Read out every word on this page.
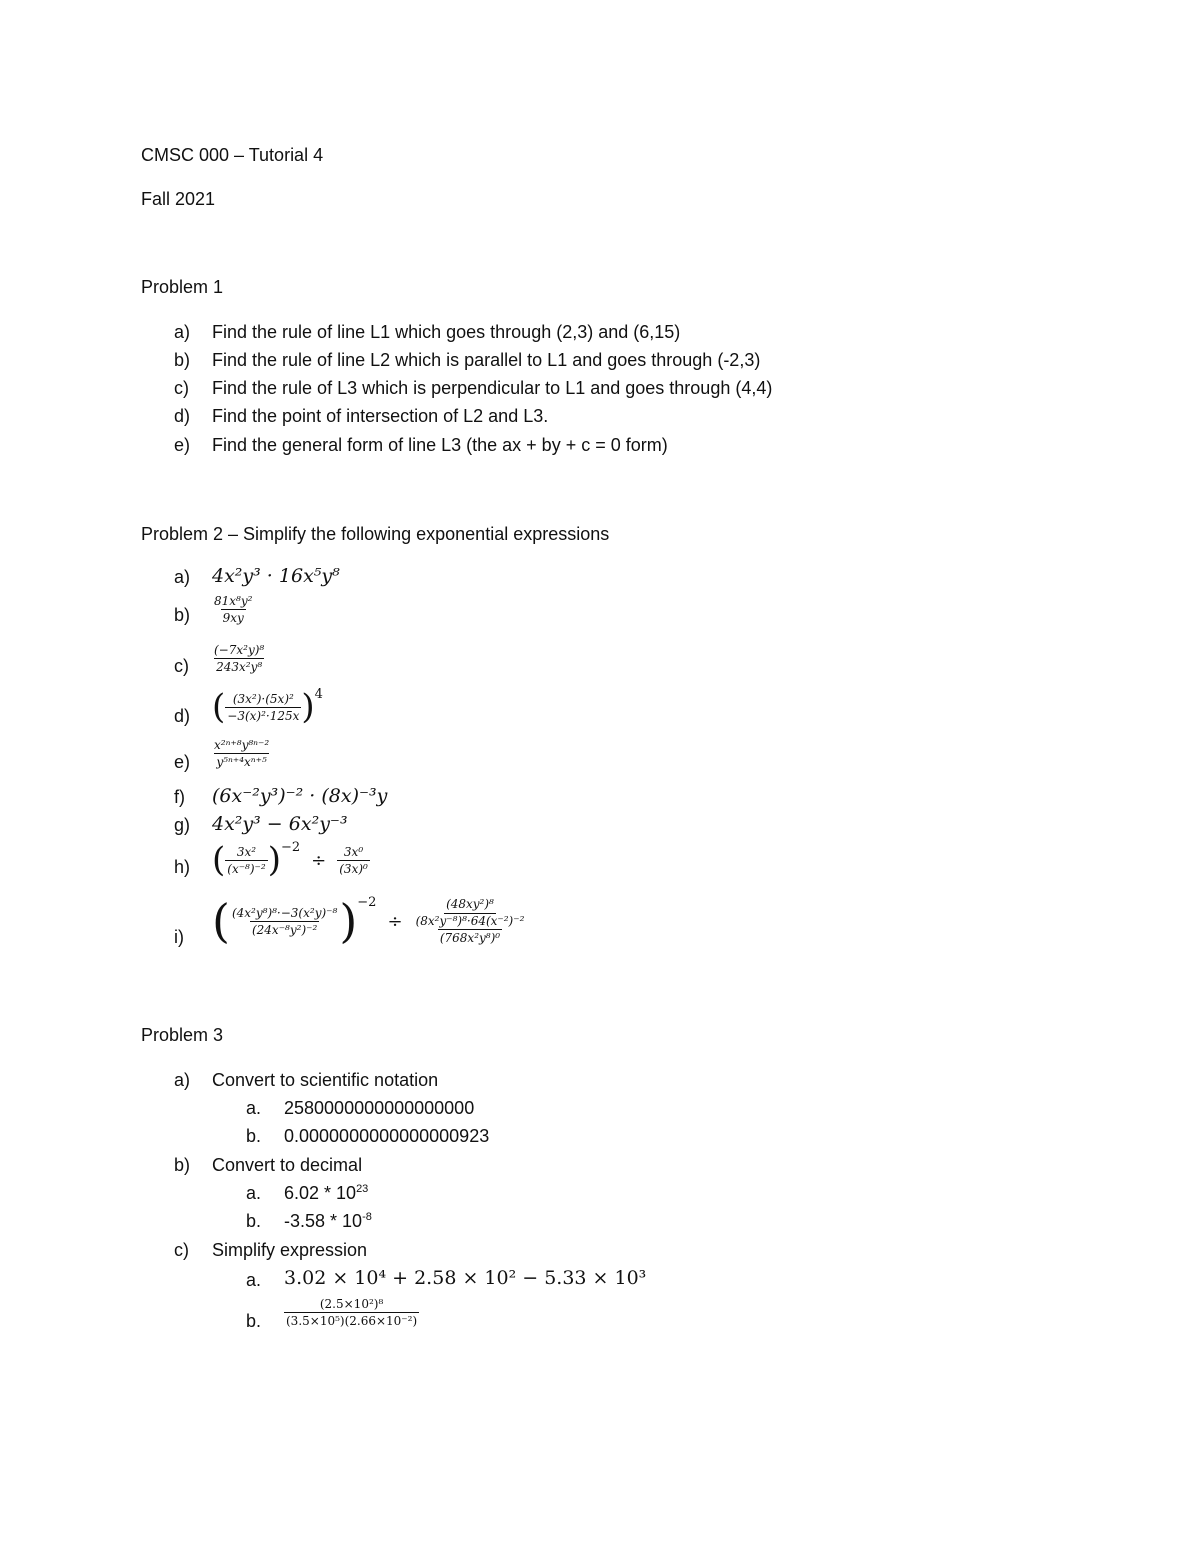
CMSC 000 – Tutorial 4
Fall 2021
Problem 1
a) Find the rule of line L1 which goes through (2,3) and (6,15)
b) Find the rule of line L2 which is parallel to L1 and goes through (-2,3)
c) Find the rule of L3 which is perpendicular to L1 and goes through (4,4)
d) Find the point of intersection of L2 and L3.
e) Find the general form of line L3 (the ax + by + c = 0 form)
Problem 2 – Simplify the following exponential expressions
a) 4x²y³ · 16x⁵y⁸
$b) \frac{\text{81x⁸y²}}{9xy}$
$c) \frac{\text{(−7x²y)⁸}}{\text{243x²y⁸}}$
d) ( $\frac{\text{(3x²)·(5x)²}}{\text{−3(x)²·125x}} )^4$
$e) \frac{\text{x²ⁿ⁺⁸y⁸ⁿ⁻²}}{\text{y⁵ⁿ⁺⁴xⁿ⁺⁵}}$
f) (6x⁻²y³)⁻² · (8x)⁻³y
g) 4x²y³ − 6x²y⁻³
h) ( $\frac{\text{3x²}}{\text{(x⁻⁸)⁻²}} )^{-2} \div \frac{\text{3x⁰}}{\text{(3x)⁰}}$
i) ( $\frac{\text{(4x²y⁸)⁸·−3(x²y)⁻⁸}}{\text{(24x⁻⁸y²)⁻²}} )^{-2}$ ÷
(48xy²)⁸
(8x²y⁻⁸)⁸·64(x⁻²)⁻²
(768x²y⁸)⁰
Problem 3
a) Convert to scientific notation
a. 2580000000000000000
b. 0.0000000000000000923
b) Convert to decimal
a. $6.02 * 10^{23}$
b. $-3.58 * 10^{-8}$
c) Simplify expression
a. 3.02 × 10⁴ + 2.58 × 10² − 5.33 × 10³
b. $\frac{\text{(2.5×10²)⁸}}{\text{(3.5×10⁵)(2.66×10⁻²)}}$
